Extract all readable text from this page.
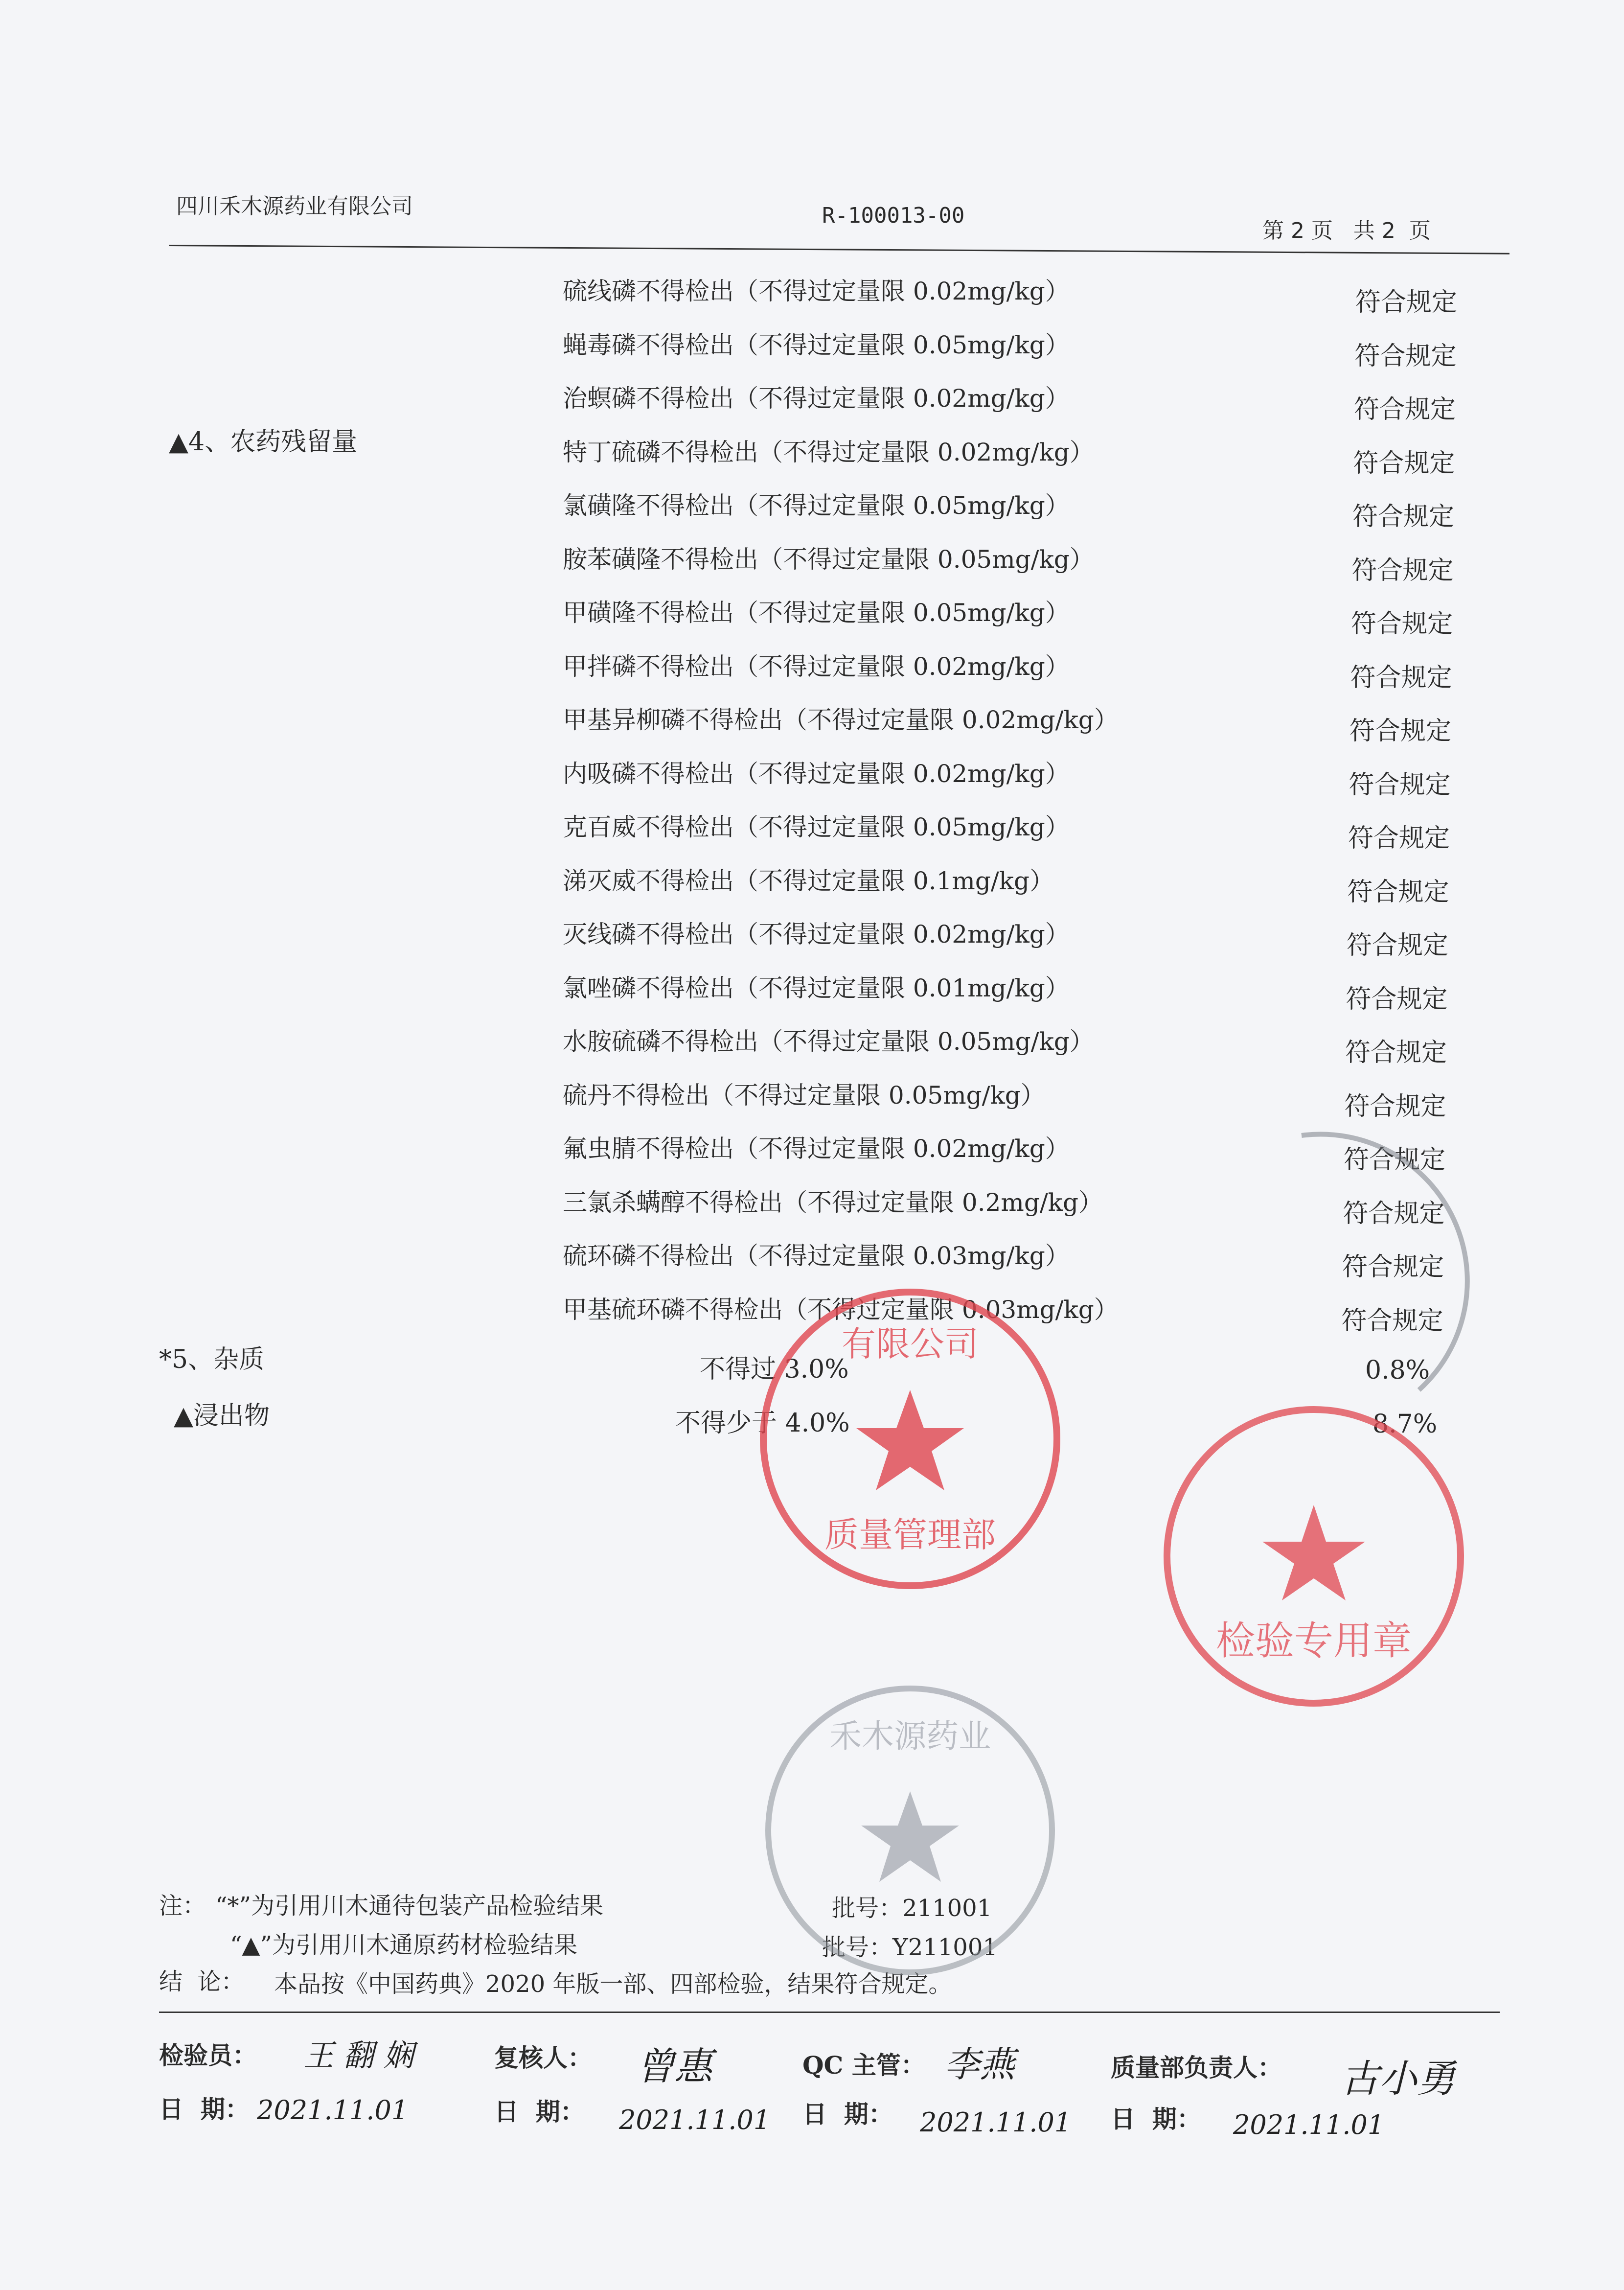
四川禾木源药业有限公司	R-100013-00
第 2 页   共 2  页
▲4、农药残留量
硫线磷不得检出（不得过定量限 0.02mg/kg）	符合规定
蝇毒磷不得检出（不得过定量限 0.05mg/kg）	符合规定
治螟磷不得检出（不得过定量限 0.02mg/kg）	符合规定
特丁硫磷不得检出（不得过定量限 0.02mg/kg）	符合规定
氯磺隆不得检出（不得过定量限 0.05mg/kg）	符合规定
胺苯磺隆不得检出（不得过定量限 0.05mg/kg）	符合规定
甲磺隆不得检出（不得过定量限 0.05mg/kg）	符合规定
甲拌磷不得检出（不得过定量限 0.02mg/kg）	符合规定
甲基异柳磷不得检出（不得过定量限 0.02mg/kg）	符合规定
内吸磷不得检出（不得过定量限 0.02mg/kg）	符合规定
克百威不得检出（不得过定量限 0.05mg/kg）	符合规定
涕灭威不得检出（不得过定量限 0.1mg/kg）	符合规定
灭线磷不得检出（不得过定量限 0.02mg/kg）	符合规定
氯唑磷不得检出（不得过定量限 0.01mg/kg）	符合规定
水胺硫磷不得检出（不得过定量限 0.05mg/kg）	符合规定
硫丹不得检出（不得过定量限 0.05mg/kg）	符合规定
氟虫腈不得检出（不得过定量限 0.02mg/kg）	符合规定
三氯杀螨醇不得检出（不得过定量限 0.2mg/kg）	符合规定
硫环磷不得检出（不得过定量限 0.03mg/kg）	符合规定
甲基硫环磷不得检出（不得过定量限 0.03mg/kg）	符合规定
*5、杂质	不得过 3.0%	0.8%
▲浸出物	不得少于 4.0%	8.7%
注： “*”为引用川木通待包装产品检验结果	批号：211001
“▲”为引用川木通原药材检验结果	批号：Y211001
结  论： 本品按《中国药典》2020 年版一部、四部检验，结果符合规定。
检验员： 王 翻 娴	复核人： 曾惠	QC 主管： 李燕	质量部负责人： 古小勇
日  期： 2021.11.01	日  期： 2021.11.01 日  期： 2021.11.01 日  期： 2021.11.01
检验专用章
有限公司
质量管理部
禾木源药业
